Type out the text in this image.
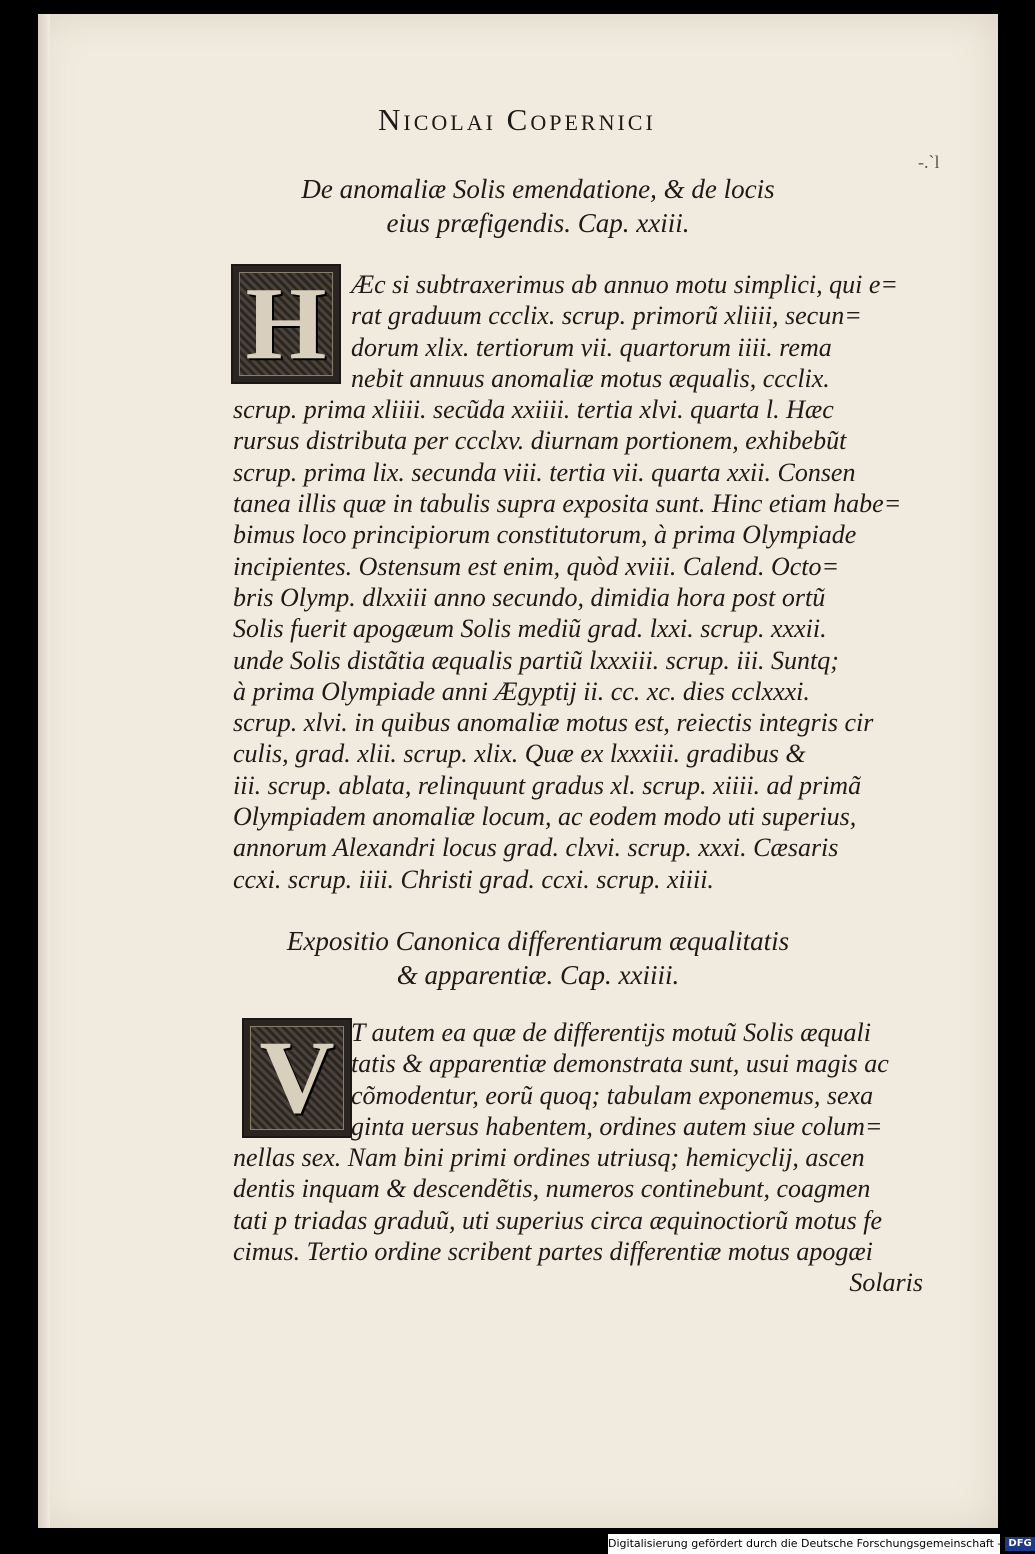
Nicolai Copernici
-.`l
De anomaliæ Solis emendatione, & de locis
eius præfigendis. Cap. xxiii.
H Æc si subtraxerimus ab annuo motu simplici, qui e=
rat graduum ccclix. scrup. primorũ xliiii, secun=
dorum xlix. tertiorum vii. quartorum iiii. rema
nebit annuus anomaliæ motus æqualis, ccclix.
scrup. prima xliiii. secũda xxiiii. tertia xlvi. quarta l. Hæc
rursus distributa per ccclxv. diurnam portionem, exhibebũt
scrup. prima lix. secunda viii. tertia vii. quarta xxii. Consen
tanea illis quæ in tabulis supra exposita sunt. Hinc etiam habe=
bimus loco principiorum constitutorum, à prima Olympiade
incipientes. Ostensum est enim, quòd xviii. Calend. Octo=
bris Olymp. dlxxiii anno secundo, dimidia hora post ortũ
Solis fuerit apogæum Solis mediũ grad. lxxi. scrup. xxxii.
unde Solis distãtia æqualis partiũ lxxxiii. scrup. iii. Suntq;
à prima Olympiade anni Ægyptij ii. cc. xc. dies cclxxxi.
scrup. xlvi. in quibus anomaliæ motus est, reiectis integris cir
culis, grad. xlii. scrup. xlix. Quæ ex lxxxiii. gradibus &
iii. scrup. ablata, relinquunt gradus xl. scrup. xiiii. ad primã
Olympiadem anomaliæ locum, ac eodem modo uti superius,
annorum Alexandri locus grad. clxvi. scrup. xxxi. Cæsaris
ccxi. scrup. iiii. Christi grad. ccxi. scrup. xiiii.
Expositio Canonica differentiarum æqualitatis
& apparentiæ. Cap. xxiiii.
V T autem ea quæ de differentijs motuũ Solis æquali
tatis & apparentiæ demonstrata sunt, usui magis ac
cõmodentur, eorũ quoq; tabulam exponemus, sexa
ginta uersus habentem, ordines autem siue colum=
nellas sex. Nam bini primi ordines utriusq; hemicyclij, ascen
dentis inquam & descendẽtis, numeros continebunt, coagmen
tati p triadas graduũ, uti superius circa æquinoctiorũ motus fe
cimus. Tertio ordine scribent partes differentiæ motus apogæi
Solaris
Digitalisierung gefördert durch die Deutsche Forschungsgemeinschaft - DFG
